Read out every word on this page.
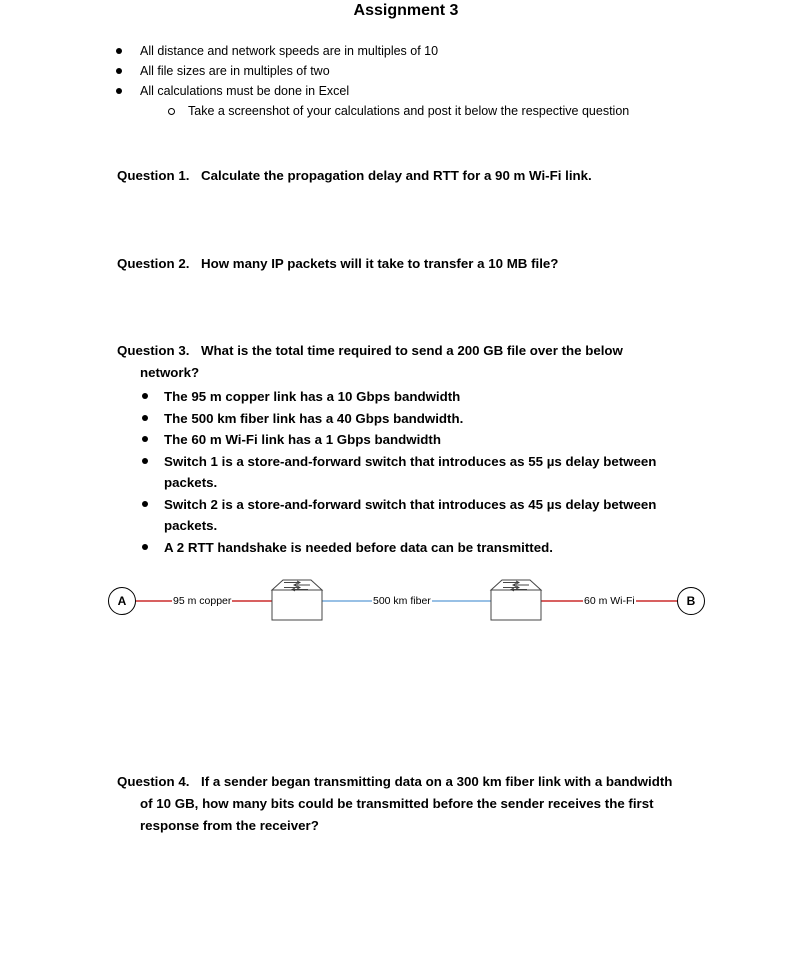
Assignment 3
All distance and network speeds are in multiples of 10
All file sizes are in multiples of two
All calculations must be done in Excel
Take a screenshot of your calculations and post it below the respective question
Question 1. Calculate the propagation delay and RTT for a 90 m Wi-Fi link.
Question 2. How many IP packets will it take to transfer a 10 MB file?
Question 3. What is the total time required to send a 200 GB file over the below
network?
The 95 m copper link has a 10 Gbps bandwidth
The 500 km fiber link has a 40 Gbps bandwidth.
The 60 m Wi-Fi link has a 1 Gbps bandwidth
Switch 1 is a store-and-forward switch that introduces as 55 µs delay between
packets.
Switch 2 is a store-and-forward switch that introduces as 45 µs delay between
packets.
A 2 RTT handshake is needed before data can be transmitted.
A	B
95 m copper	500 km fiber	60 m Wi-Fi
Question 4. If a sender began transmitting data on a 300 km fiber link with a bandwidth
of 10 GB, how many bits could be transmitted before the sender receives the first
response from the receiver?
